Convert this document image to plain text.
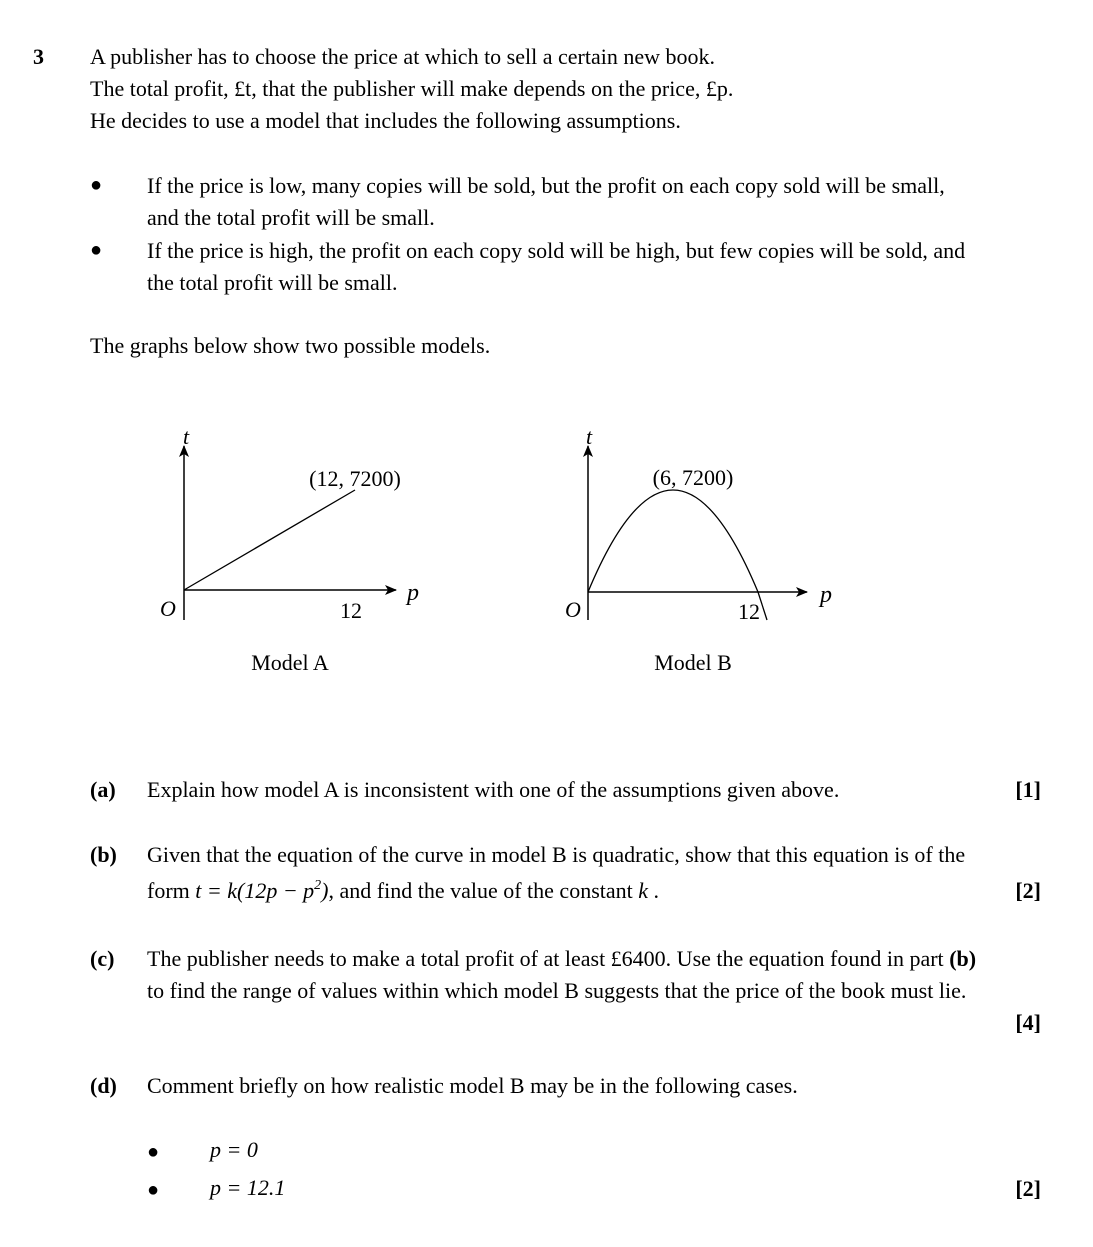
3 A publisher has to choose the price at which to sell a certain new book.
The total profit, £t, that the publisher will make depends on the price, £p.
He decides to use a model that includes the following assumptions.
● If the price is low, many copies will be sold, but the profit on each copy sold will be small,
and the total profit will be small.
● If the price is high, the profit on each copy sold will be high, but few copies will be sold, and
the total profit will be small.
The graphs below show two possible models.
t
p
O	12
(12, 7200)
Model A
t
p
O	12
(6, 7200)
Model B
(a) Explain how model A is inconsistent with one of the assumptions given above.	[1]
(b) Given that the equation of the curve in model B is quadratic, show that this equation is of the
form $t = k(12p - p^2)$, and find the value of the constant k .	[2]
(c) The publisher needs to make a total profit of at least £6400. Use the equation found in part (b)
to find the range of values within which model B suggests that the price of the book must lie.
[4]
(d) Comment briefly on how realistic model B may be in the following cases.
● p = 0
● p = 12.1	[2]
